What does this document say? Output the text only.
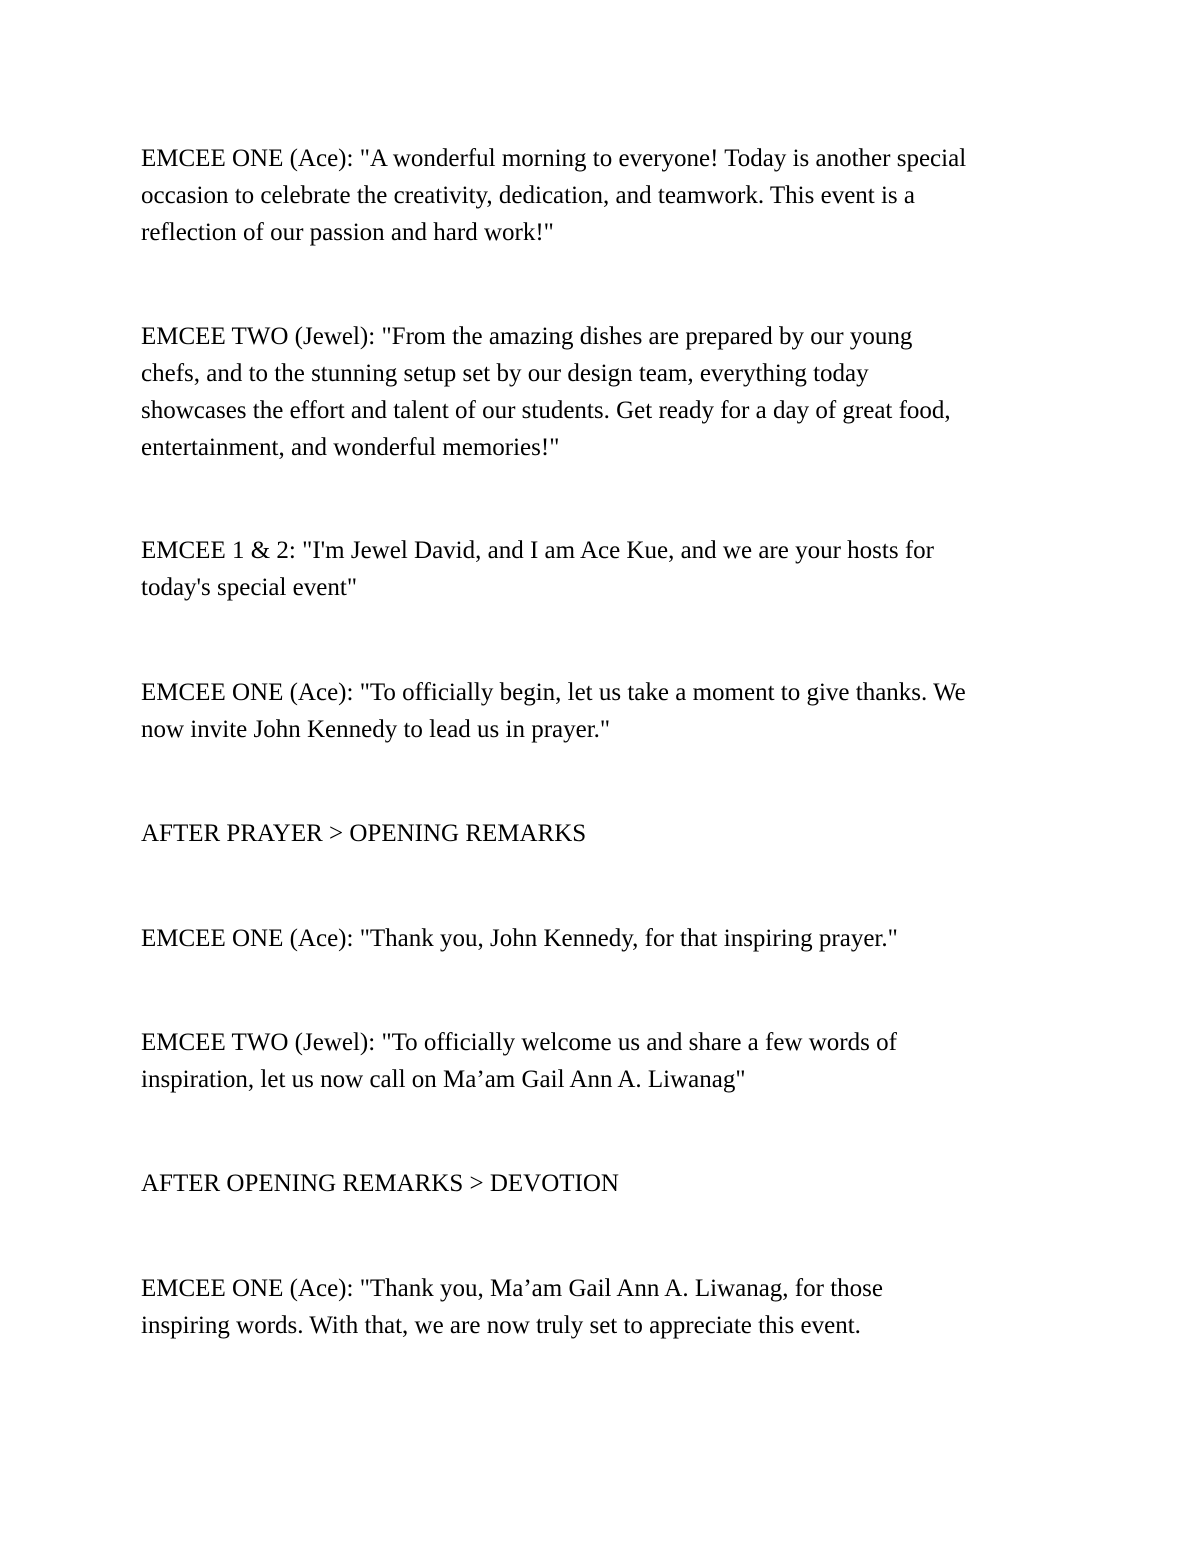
EMCEE ONE (Ace): "A wonderful morning to everyone! Today is another special
occasion to celebrate the creativity, dedication, and teamwork. This event is a
reflection of our passion and hard work!"

EMCEE TWO (Jewel): "From the amazing dishes are prepared by our young
chefs, and to the stunning setup set by our design team, everything today
showcases the effort and talent of our students. Get ready for a day of great food,
entertainment, and wonderful memories!"

EMCEE 1 & 2: "I'm Jewel David, and I am Ace Kue, and we are your hosts for
today's special event"

EMCEE ONE (Ace): "To officially begin, let us take a moment to give thanks. We
now invite John Kennedy to lead us in prayer."

AFTER PRAYER > OPENING REMARKS

EMCEE ONE (Ace): "Thank you, John Kennedy, for that inspiring prayer."

EMCEE TWO (Jewel): "To officially welcome us and share a few words of
inspiration, let us now call on Ma’am Gail Ann A. Liwanag"

AFTER OPENING REMARKS > DEVOTION

EMCEE ONE (Ace): "Thank you, Ma’am Gail Ann A. Liwanag, for those
inspiring words. With that, we are now truly set to appreciate this event.
